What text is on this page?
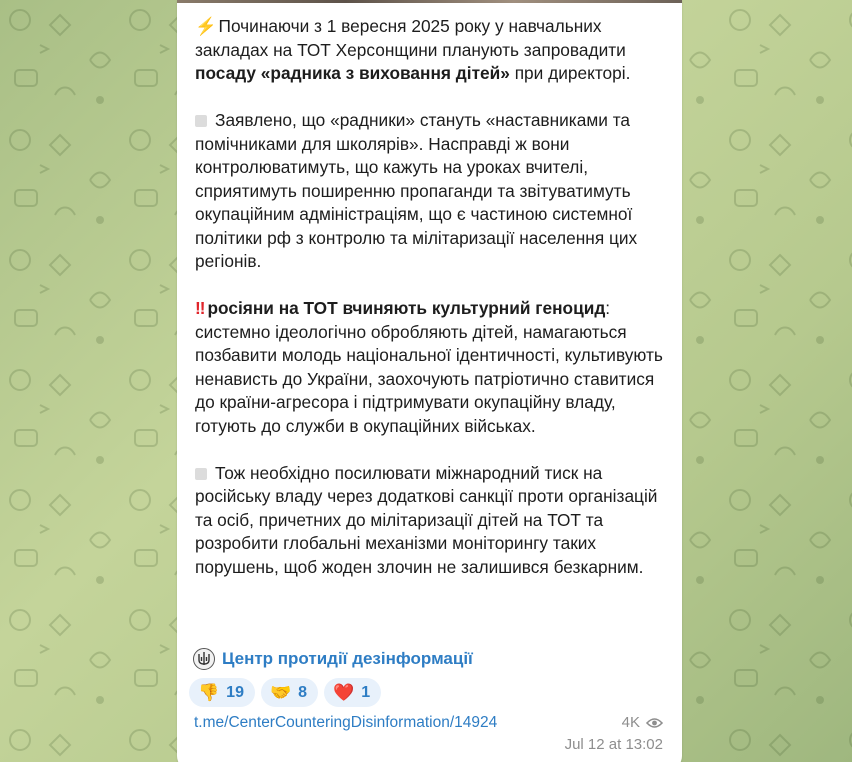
⚡ Починаючи з 1 вересня 2025 року у навчальних закладах на ТОТ Херсонщини планують запровадити посаду «радника з виховання дітей» при директорі.
Заявлено, що «радники» стануть «наставниками та помічниками для школярів». Насправді ж вони контролюватимуть, що кажуть на уроках вчителі, сприятимуть поширенню пропаганди та звітуватимуть окупаційним адміністраціям, що є частиною системної політики рф з контролю та мілітаризації населення цих регіонів.
‼ росіяни на ТОТ вчиняють культурний геноцид: системно ідеологічно обробляють дітей, намагаються позбавити молодь національної ідентичності, культивують ненависть до України, заохочують патріотично ставитися до країни-агресора і підтримувати окупаційну владу, готують до служби в окупаційних військах.
Тож необхідно посилювати міжнародний тиск на російську владу через додаткові санкції проти організацій та осіб, причетних до мілітаризації дітей на ТОТ та розробити глобальні механізми моніторингу таких порушень, щоб жоден злочин не залишився безкарним.
Центр протидії дезінформації
👎 19 🤝 8 ❤️ 1
t.me/CenterCounteringDisinformation/14924	4K
Jul 12 at 13:02
